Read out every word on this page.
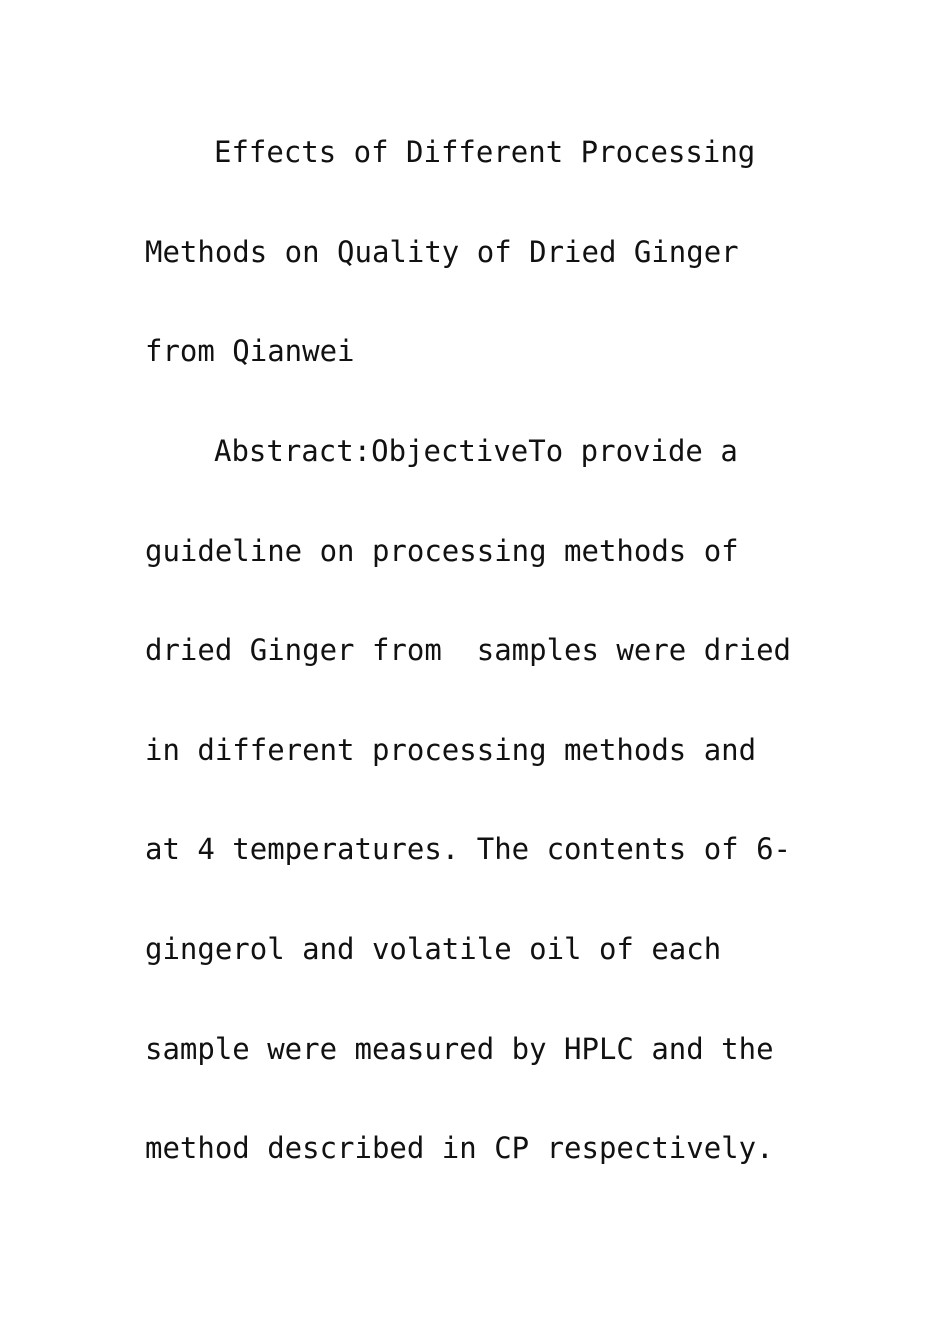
Effects of Different Processing
Methods on Quality of Dried Ginger
from Qianwei
Abstract:ObjectiveTo provide a
guideline on processing methods of
dried Ginger from  samples were dried
in different processing methods and
at 4 temperatures. The contents of 6-
gingerol and volatile oil of each
sample were measured by HPLC and the
method described in CP respectively.
